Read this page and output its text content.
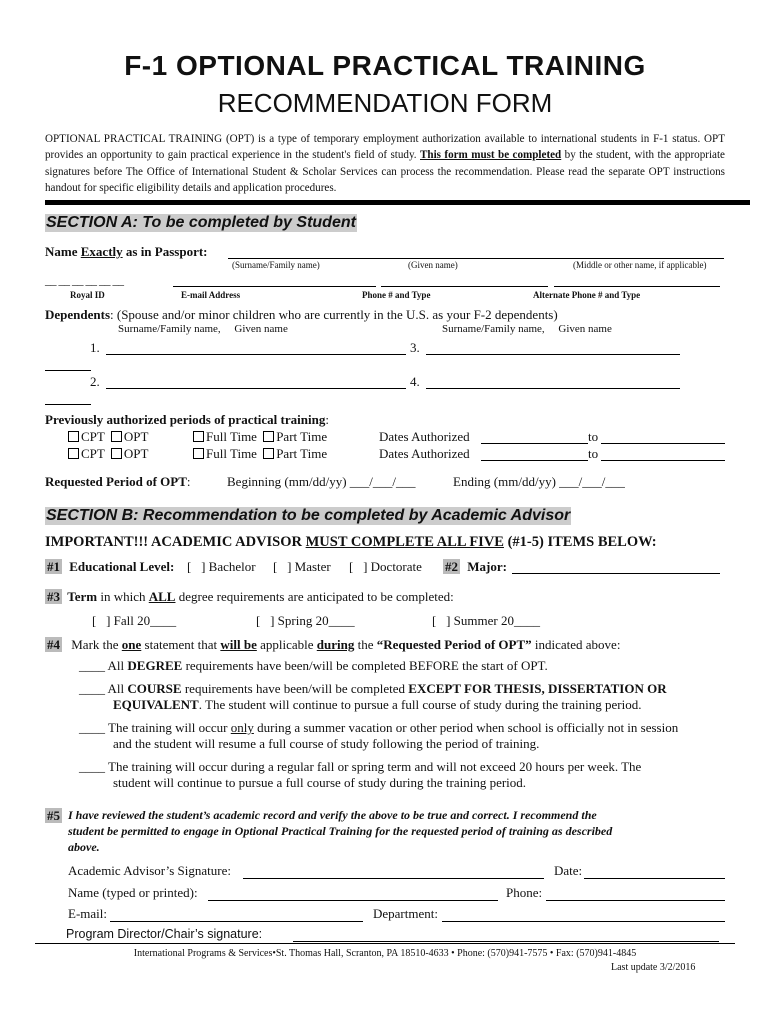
F-1 OPTIONAL PRACTICAL TRAINING
RECOMMENDATION FORM
OPTIONAL PRACTICAL TRAINING (OPT) is a type of temporary employment authorization available to international students in F-1 status. OPT provides an opportunity to gain practical experience in the student's field of study. This form must be completed by the student, with the appropriate signatures before The Office of International Student & Scholar Services can process the recommendation. Please read the separate OPT instructions handout for specific eligibility details and application procedures.
SECTION A: To be completed by Student
Name Exactly as in Passport:
(Surname/Family name)	(Given name)	(Middle or other name, if applicable)
__ __ __ __ __ __
Royal ID	E-mail Address	Phone # and Type	Alternate Phone # and Type
Dependents: (Spouse and/or minor children who are currently in the U.S. as your F-2 dependents)
Surname/Family name,     Given name	Surname/Family name,     Given name
1.	3.
2.	4.
Previously authorized periods of practical training:
CPT OPT	Full Time Part Time	Dates Authorized	to
CPT OPT	Full Time Part Time	Dates Authorized	to
Requested Period of OPT:	Beginning (mm/dd/yy) ___/___/___	Ending (mm/dd/yy) ___/___/___
SECTION B: Recommendation to be completed by Academic Advisor
IMPORTANT!!! ACADEMIC ADVISOR MUST COMPLETE ALL FIVE (#1-5) ITEMS BELOW:
#1 Educational Level: [   ] Bachelor [   ] Master [   ] Doctorate #2 Major:
#3 Term in which ALL degree requirements are anticipated to be completed:
[   ] Fall 20____	[   ] Spring 20____	[   ] Summer 20____
#4 Mark the one statement that will be applicable during the “Requested Period of OPT” indicated above:
____ All DEGREE requirements have been/will be completed BEFORE the start of OPT.
____ All COURSE requirements have been/will be completed EXCEPT FOR THESIS, DISSERTATION OR
EQUIVALENT. The student will continue to pursue a full course of study during the training period.
____ The training will occur only during a summer vacation or other period when school is officially not in session
and the student will resume a full course of study following the period of training.
____ The training will occur during a regular fall or spring term and will not exceed 20 hours per week. The
student will continue to pursue a full course of study during the training period.
#5 I have reviewed the student’s academic record and verify the above to be true and correct. I recommend the
student be permitted to engage in Optional Practical Training for the requested period of training as described
above.
Academic Advisor’s Signature:	Date:
Name (typed or printed):	Phone:
E-mail:	Department:
Program Director/Chair’s signature:
International Programs & Services•St. Thomas Hall, Scranton, PA 18510-4633 • Phone: (570)941-7575 • Fax: (570)941-4845
Last update 3/2/2016
